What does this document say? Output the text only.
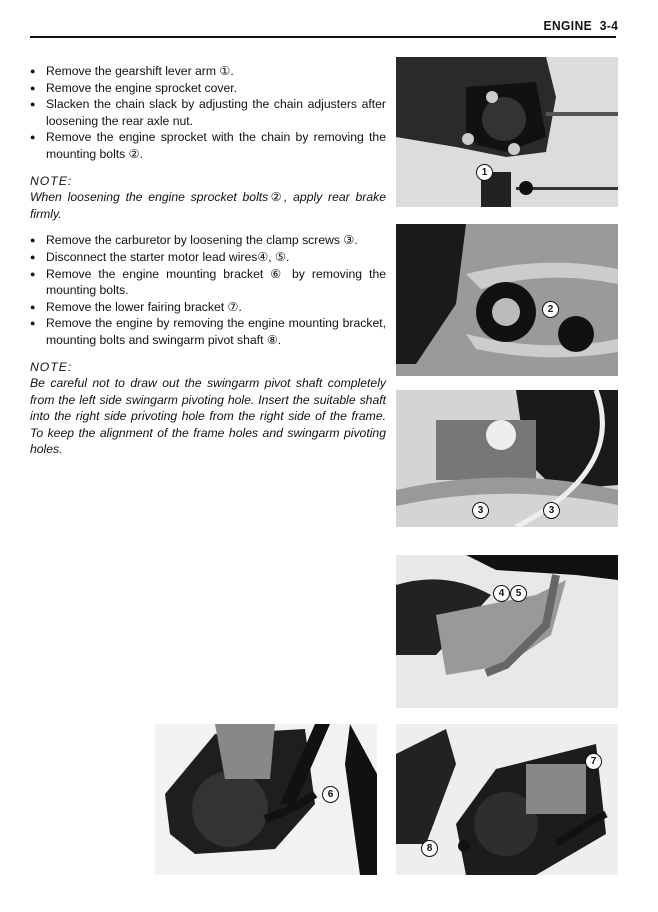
ENGINE 3-4
● Remove the gearshift lever arm ①.
● Remove the engine sprocket cover.
● Slacken the chain slack by adjusting the chain adjusters after loosening the rear axle nut.
● Remove the engine sprocket with the chain by removing the mounting bolts ②.
NOTE:
When loosening the engine sprocket bolts②, apply rear brake firmly.
● Remove the carburetor by loosening the clamp screws ③.
● Disconnect the starter motor lead wires④, ⑤.
● Remove the engine mounting bracket ⑥ by removing the mounting bolts.
● Remove the lower fairing bracket ⑦.
● Remove the engine by removing the engine mounting bracket, mounting bolts and swingarm pivot shaft ⑧.
NOTE:
Be careful not to draw out the swingarm pivot shaft completely from the left side swingarm pivoting hole. Insert the suitable shaft into the right side privoting hole from the right side of the frame. To keep the alignment of the frame holes and swingarm pivoting holes.
1
2
3	3
4	5
6
7
8
